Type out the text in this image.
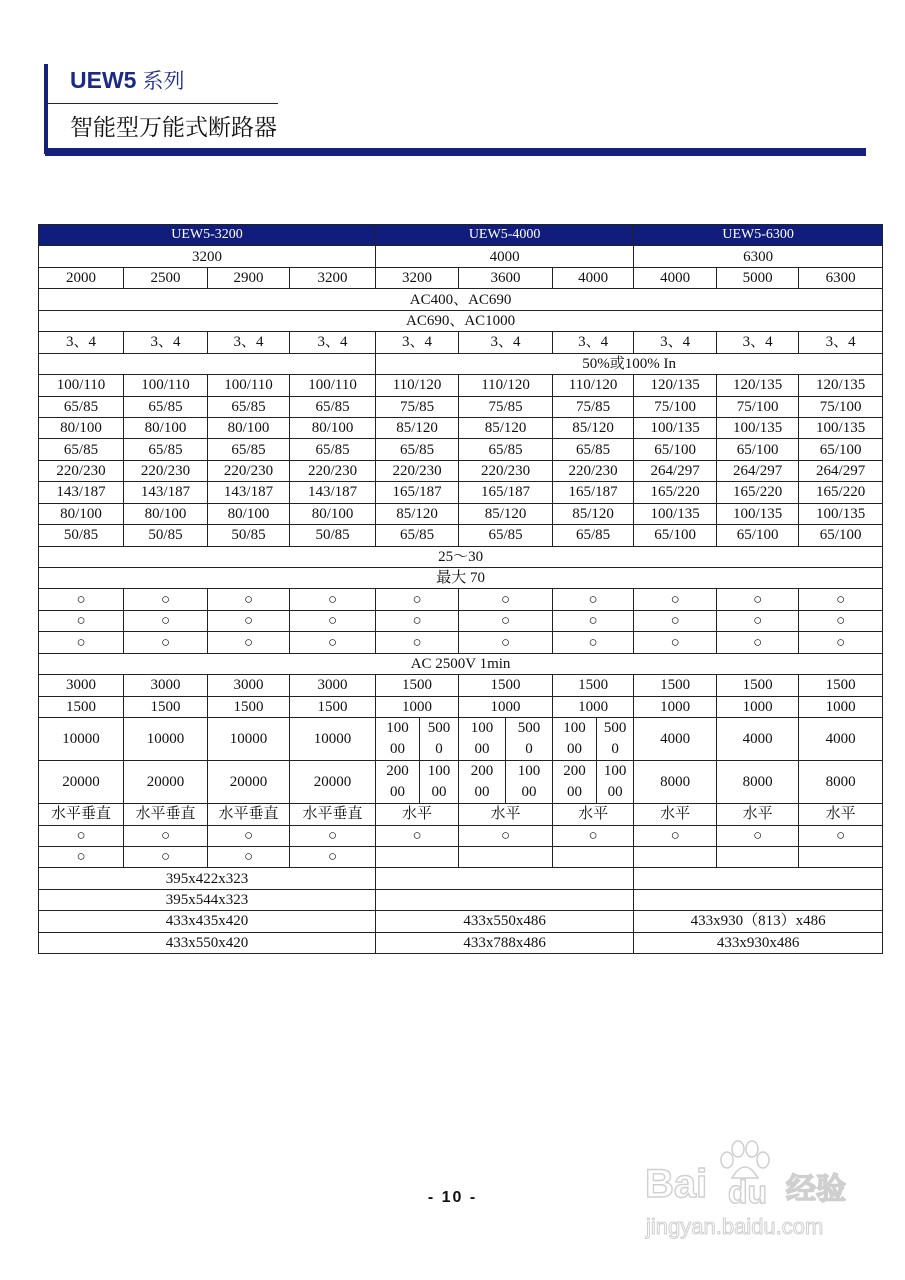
UEW5 系列
智能型万能式断路器
UEW5-3200				UEW5-4000						UEW5-6300		
3200				4000						6300		
2000	2500	2900	3200	3200		3600		4000		4000	5000	6300
AC400、AC690												
AC690、AC1000												
3、4	3、4	3、4	3、4	3、4		3、4		3、4		3、4	3、4	3、4
				50%或100% In								
100/110	100/110	100/110	100/110	110/120		110/120		110/120		120/135	120/135	120/135
65/85	65/85	65/85	65/85	75/85		75/85		75/85		75/100	75/100	75/100
80/100	80/100	80/100	80/100	85/120		85/120		85/120		100/135	100/135	100/135
65/85	65/85	65/85	65/85	65/85		65/85		65/85		65/100	65/100	65/100
220/230	220/230	220/230	220/230	220/230		220/230		220/230		264/297	264/297	264/297
143/187	143/187	143/187	143/187	165/187		165/187		165/187		165/220	165/220	165/220
80/100	80/100	80/100	80/100	85/120		85/120		85/120		100/135	100/135	100/135
50/85	50/85	50/85	50/85	65/85		65/85		65/85		65/100	65/100	65/100
25～30												
最大 70												
○	○	○	○	○		○		○		○	○	○
○	○	○	○	○		○		○		○	○	○
○	○	○	○	○		○		○		○	○	○
AC 2500V 1min												
3000	3000	3000	3000	1500		1500		1500		1500	1500	1500
1500	1500	1500	1500	1000		1000		1000		1000	1000	1000
10000	10000	10000	10000	10000	5000	10000	5000	10000	5000	4000	4000	4000
20000	20000	20000	20000	20000	10000	20000	10000	20000	10000	8000	8000	8000
水平垂直	水平垂直	水平垂直	水平垂直	水平		水平		水平		水平	水平	水平
○	○	○	○	○		○		○		○	○	○
○	○	○	○									
395x422x323												
395x544x323												
433x435x420				433x550x486						433x930（813）x486		
433x550x420				433x788x486						433x930x486		
- 10 -	Bai du 经验
jingyan.baidu.com
